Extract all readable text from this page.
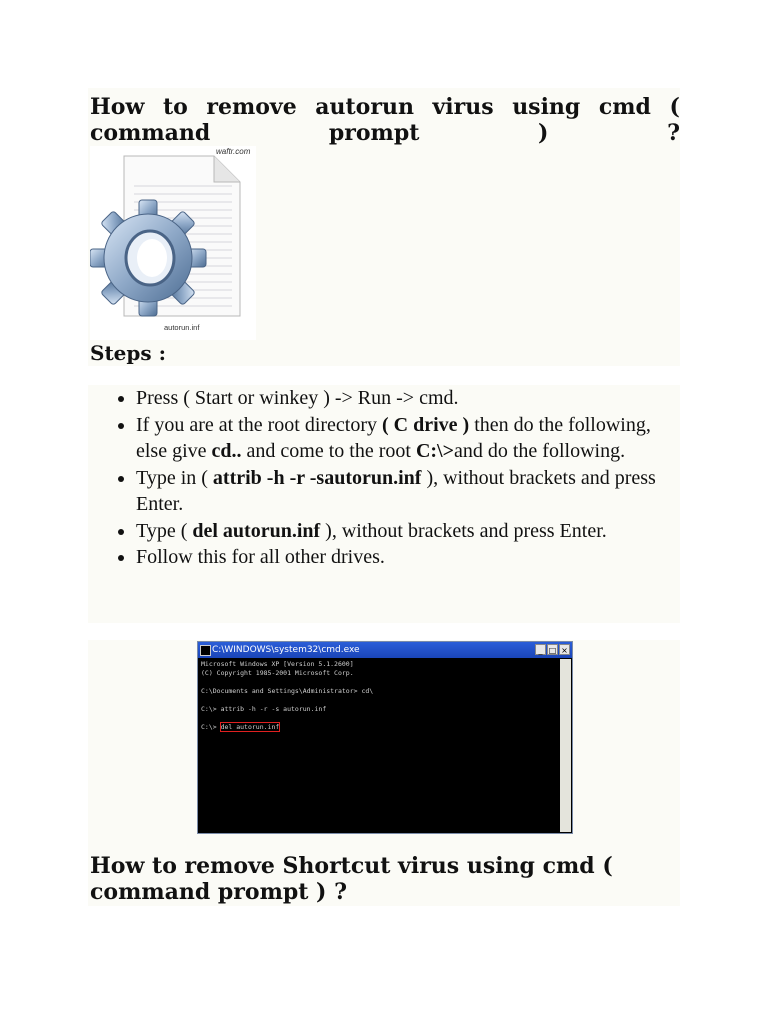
How to remove autorun virus using cmd (
command	prompt	)	?
waftr.com
autorun.inf
Steps :
• Press ( Start or winkey ) -> Run -> cmd.
• If you are at the root directory ( C drive ) then do the following, else give cd.. and come to the root C:\>and do the following.
• Type in ( attrib -h -r -sautorun.inf ), without brackets and press Enter.
• Type ( del autorun.inf ), without brackets and press Enter.
• Follow this for all other drives.
C:\WINDOWS\system32\cmd.exe	_ □ ×
Microsoft Windows XP [Version 5.1.2600]
(C) Copyright 1985-2001 Microsoft Corp.
C:\Documents and Settings\Administrator> cd\
C:\> attrib -h -r -s autorun.inf
C:\> del autorun.inf
How to remove Shortcut virus using cmd (
command prompt ) ?
